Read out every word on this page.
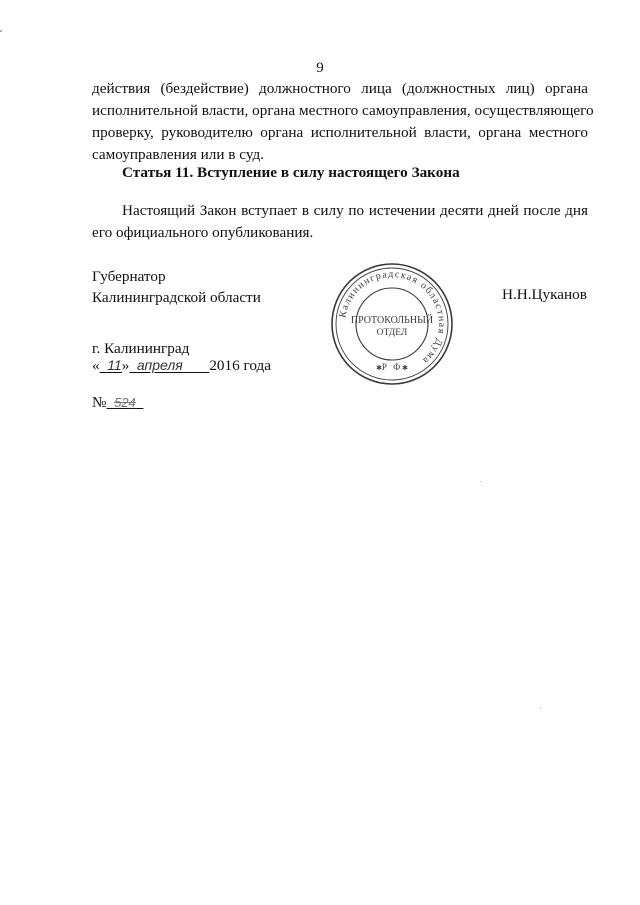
9
действия (бездействие) должностного лица (должностных лиц) органа
исполнительной власти, органа местного самоуправления, осуществляющего
проверку, руководителю органа исполнительной власти, органа местного
самоуправления или в суд.
Статья 11. Вступление в силу настоящего Закона
Настоящий Закон вступает в силу по истечении десяти дней после дня
его официального опубликования.
Губернатор
Калининградской области	Н.Н.Цуканов
Калининградская областная Дума
Р Ф
✱	✱
ПРОТОКОЛЬНЫЙ
ОТДЕЛ
г. Калининград
« 11» апреля 2016 года
№ 524
